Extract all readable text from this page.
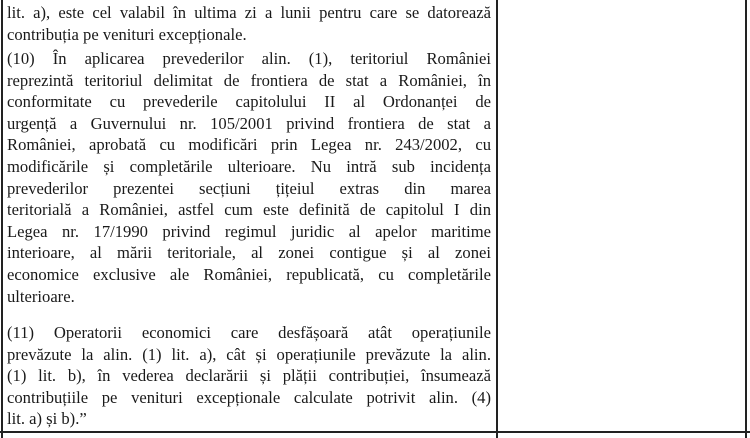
lit. a), este cel valabil în ultima zi a lunii pentru care se datorează
contribuția pe venituri excepționale.
(10) În aplicarea prevederilor alin. (1), teritoriul României
reprezintă teritoriul delimitat de frontiera de stat a României, în
conformitate cu prevederile capitolului II al Ordonanței de
urgență a Guvernului nr. 105/2001 privind frontiera de stat a
României, aprobată cu modificări prin Legea nr. 243/2002, cu
modificările și completările ulterioare. Nu intră sub incidența
prevederilor prezentei secțiuni țițeiul extras din marea
teritorială a României, astfel cum este definită de capitolul I din
Legea nr. 17/1990 privind regimul juridic al apelor maritime
interioare, al mării teritoriale, al zonei contigue și al zonei
economice exclusive ale României, republicată, cu completările
ulterioare.
(11) Operatorii economici care desfășoară atât operațiunile
prevăzute la alin. (1) lit. a), cât și operațiunile prevăzute la alin.
(1) lit. b), în vederea declarării și plății contribuției, însumează
contribuțiile pe venituri excepționale calculate potrivit alin. (4)
lit. a) și b).”
